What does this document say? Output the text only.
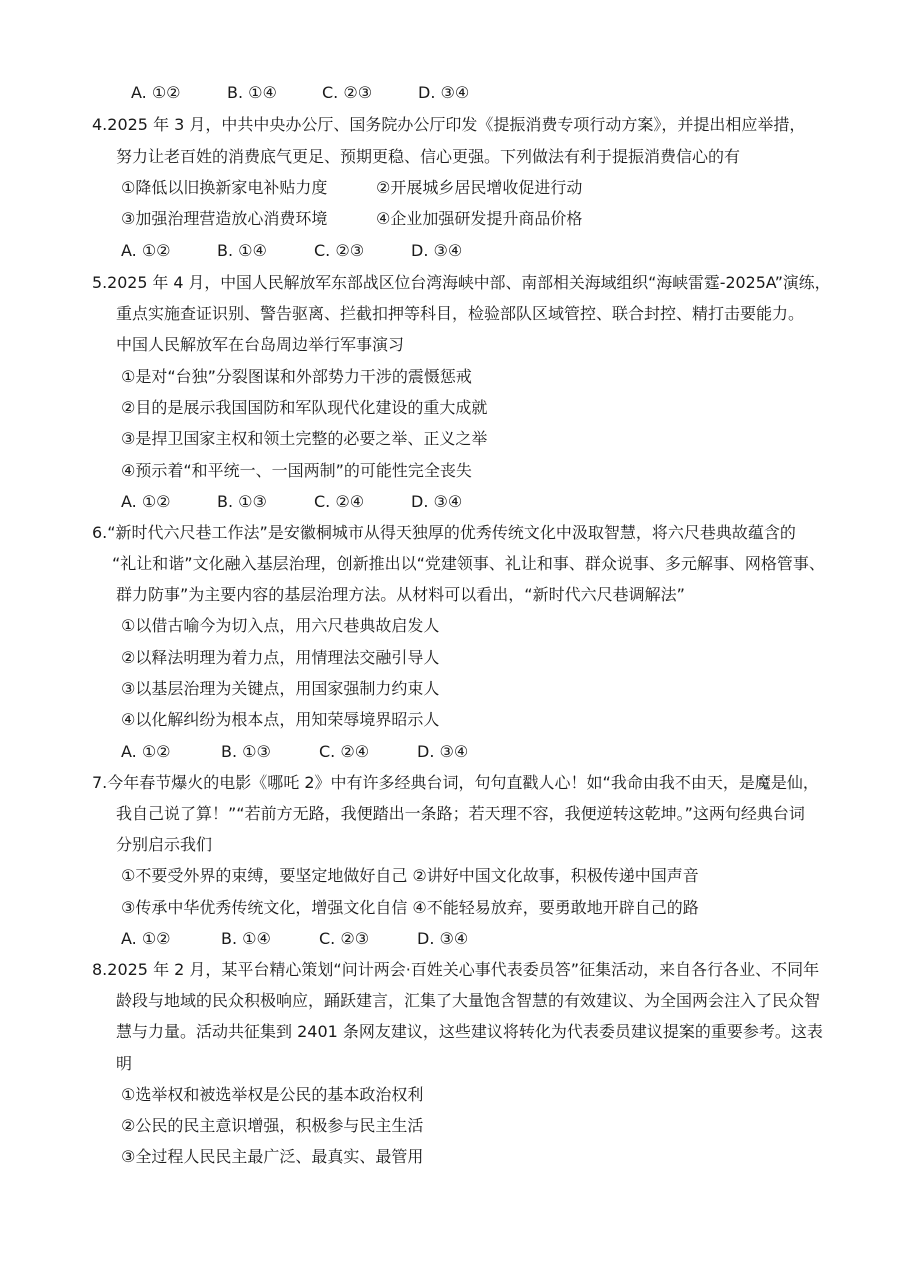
A. ①②	B. ①④	C. ②③	D. ③④
4.2025 年 3 月，中共中央办公厅、国务院办公厅印发《提振消费专项行动方案》，并提出相应举措，
努力让老百姓的消费底气更足、预期更稳、信心更强。下列做法有利于提振消费信心的有
①降低以旧换新家电补贴力度	②开展城乡居民增收促进行动
③加强治理营造放心消费环境	④企业加强研发提升商品价格
A. ①②	B. ①④	C. ②③	D. ③④
5.2025 年 4 月，中国人民解放军东部战区位台湾海峡中部、南部相关海域组织“海峡雷霆-2025A”演练，
重点实施查证识别、警告驱离、拦截扣押等科目，检验部队区域管控、联合封控、精打击要能力。
中国人民解放军在台岛周边举行军事演习
①是对“台独”分裂图谋和外部势力干涉的震慑惩戒
②目的是展示我国国防和军队现代化建设的重大成就
③是捍卫国家主权和领土完整的必要之举、正义之举
④预示着“和平统一、一国两制”的可能性完全丧失
A. ①②	B. ①③	C. ②④	D. ③④
6.“新时代六尺巷工作法”是安徽桐城市从得天独厚的优秀传统文化中汲取智慧，将六尺巷典故蕴含的
“礼让和谐”文化融入基层治理，创新推出以“党建领事、礼让和事、群众说事、多元解事、网格管事、
群力防事”为主要内容的基层治理方法。从材料可以看出，“新时代六尺巷调解法”
①以借古喻今为切入点，用六尺巷典故启发人
②以释法明理为着力点，用情理法交融引导人
③以基层治理为关键点，用国家强制力约束人
④以化解纠纷为根本点，用知荣辱境界昭示人
A. ①②	B. ①③	C. ②④	D. ③④
7.今年春节爆火的电影《哪吒 2》中有许多经典台词，句句直戳人心！如“我命由我不由天，是魔是仙，
我自己说了算！”“若前方无路，我便踏出一条路；若天理不容，我便逆转这乾坤。”这两句经典台词
分别启示我们
①不要受外界的束缚，要坚定地做好自己 ②讲好中国文化故事，积极传递中国声音
③传承中华优秀传统文化，增强文化自信 ④不能轻易放弃，要勇敢地开辟自己的路
A. ①②	B. ①④	C. ②③	D. ③④
8.2025 年 2 月，某平台精心策划“问计两会·百姓关心事代表委员答”征集活动，来自各行各业、不同年
龄段与地域的民众积极响应，踊跃建言，汇集了大量饱含智慧的有效建议、为全国两会注入了民众智
慧与力量。活动共征集到 2401 条网友建议，这些建议将转化为代表委员建议提案的重要参考。这表
明
①选举权和被选举权是公民的基本政治权利
②公民的民主意识增强，积极参与民主生活
③全过程人民民主最广泛、最真实、最管用
